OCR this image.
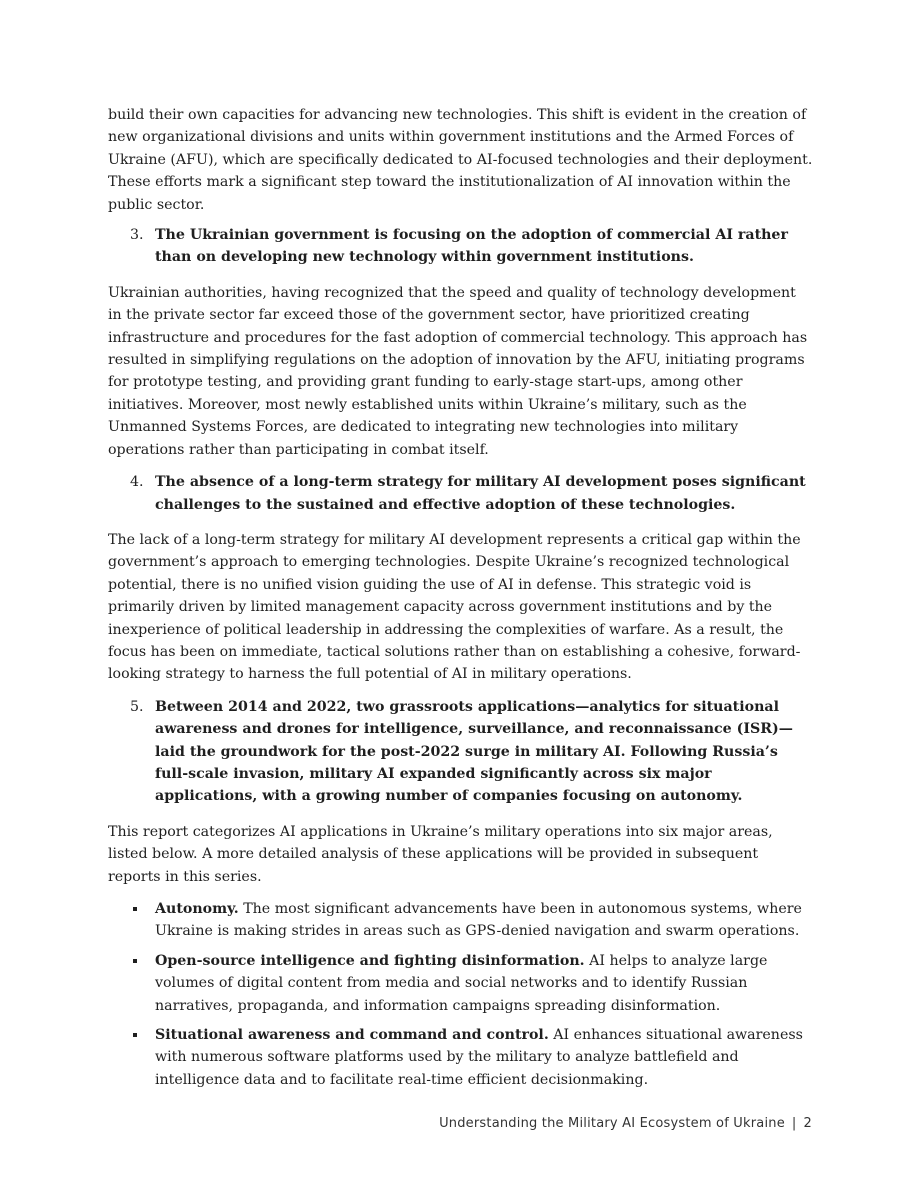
build their own capacities for advancing new technologies. This shift is evident in the creation of new organizational divisions and units within government institutions and the Armed Forces of Ukraine (AFU), which are specifically dedicated to AI-focused technologies and their deployment. These efforts mark a significant step toward the institutionalization of AI innovation within the public sector.

3. The Ukrainian government is focusing on the adoption of commercial AI rather than on developing new technology within government institutions.

Ukrainian authorities, having recognized that the speed and quality of technology development in the private sector far exceed those of the government sector, have prioritized creating infrastructure and procedures for the fast adoption of commercial technology. This approach has resulted in simplifying regulations on the adoption of innovation by the AFU, initiating programs for prototype testing, and providing grant funding to early-stage start-ups, among other initiatives. Moreover, most newly established units within Ukraine’s military, such as the Unmanned Systems Forces, are dedicated to integrating new technologies into military operations rather than participating in combat itself.

4. The absence of a long-term strategy for military AI development poses significant challenges to the sustained and effective adoption of these technologies.

The lack of a long-term strategy for military AI development represents a critical gap within the government’s approach to emerging technologies. Despite Ukraine’s recognized technological potential, there is no unified vision guiding the use of AI in defense. This strategic void is primarily driven by limited management capacity across government institutions and by the inexperience of political leadership in addressing the complexities of warfare. As a result, the focus has been on immediate, tactical solutions rather than on establishing a cohesive, forward-looking strategy to harness the full potential of AI in military operations.

5. Between 2014 and 2022, two grassroots applications—analytics for situational awareness and drones for intelligence, surveillance, and reconnaissance (ISR)—laid the groundwork for the post-2022 surge in military AI. Following Russia’s full-scale invasion, military AI expanded significantly across six major applications, with a growing number of companies focusing on autonomy.

This report categorizes AI applications in Ukraine’s military operations into six major areas, listed below. A more detailed analysis of these applications will be provided in subsequent reports in this series.

Autonomy. The most significant advancements have been in autonomous systems, where Ukraine is making strides in areas such as GPS-denied navigation and swarm operations.
Open-source intelligence and fighting disinformation. AI helps to analyze large volumes of digital content from media and social networks and to identify Russian narratives, propaganda, and information campaigns spreading disinformation.
Situational awareness and command and control. AI enhances situational awareness with numerous software platforms used by the military to analyze battlefield and intelligence data and to facilitate real-time efficient decisionmaking.
Understanding the Military AI Ecosystem of Ukraine | 2
